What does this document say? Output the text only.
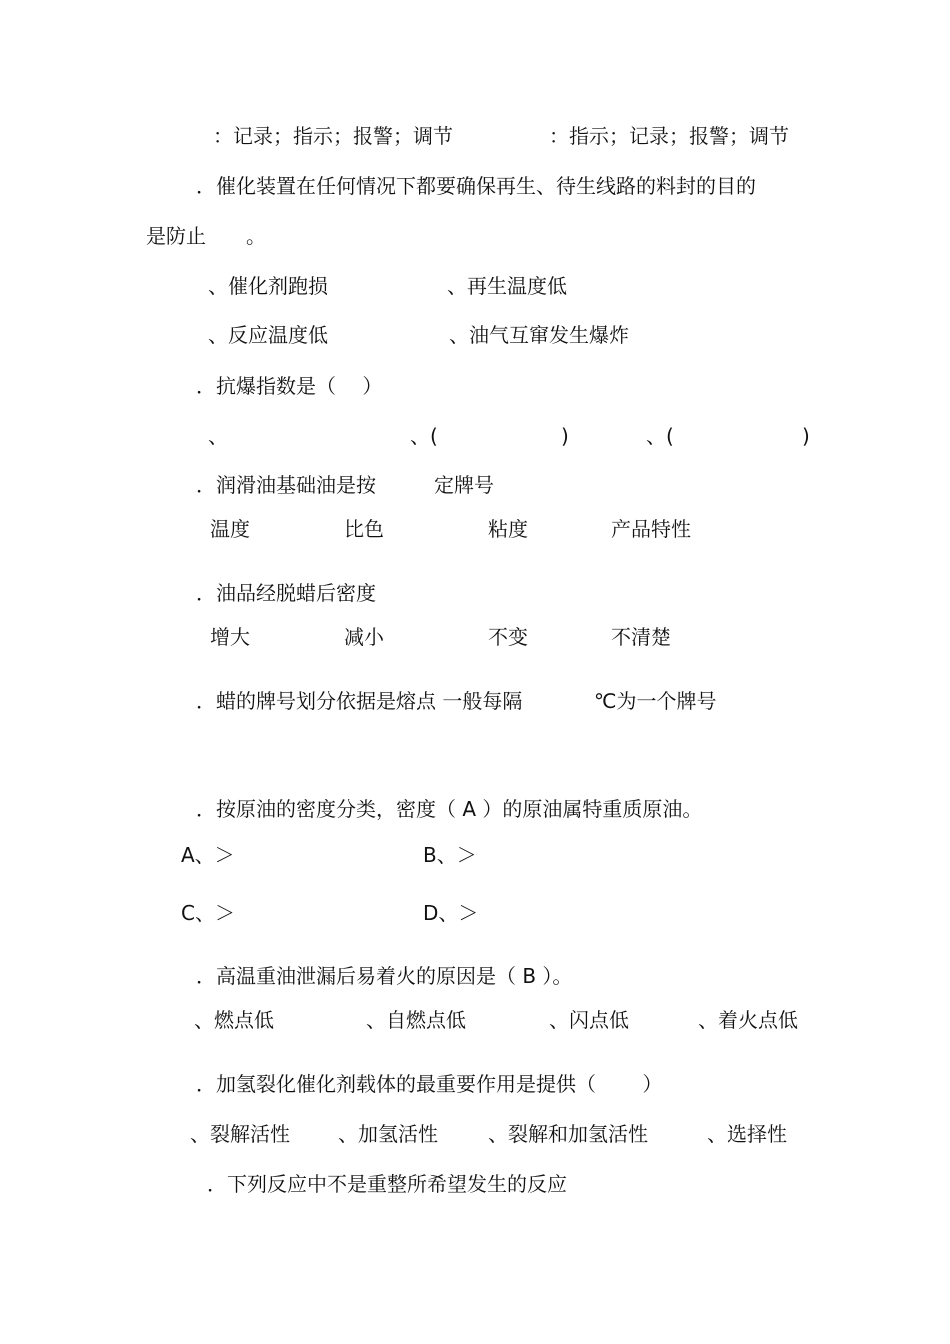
：记录；指示；报警；调节	：指示；记录；报警；调节
．催化装置在任何情况下都要确保再生、待生线路的料封的目的
是防止　　。
、催化剂跑损	、再生温度低
、反应温度低	、油气互窜发生爆炸
．抗爆指数是（　 ）
、	、(	)	、(	)
．润滑油基础油是按	定牌号
温度	比色	粘度	产品特性
．油品经脱蜡后密度
增大	减小	不变	不清楚
．蜡的牌号划分依据是熔点 一般每隔	℃为一个牌号
．按原油的密度分类，密度（ A ）的原油属特重质原油。
A、＞	B、＞
C、＞	D、＞
．高温重油泄漏后易着火的原因是（ B ）。
、燃点低	、自燃点低	、闪点低	、着火点低
．加氢裂化催化剂载体的最重要作用是提供（　　 ）
、裂解活性 、加氢活性	、裂解和加氢活性	、选择性
．下列反应中不是重整所希望发生的反应
